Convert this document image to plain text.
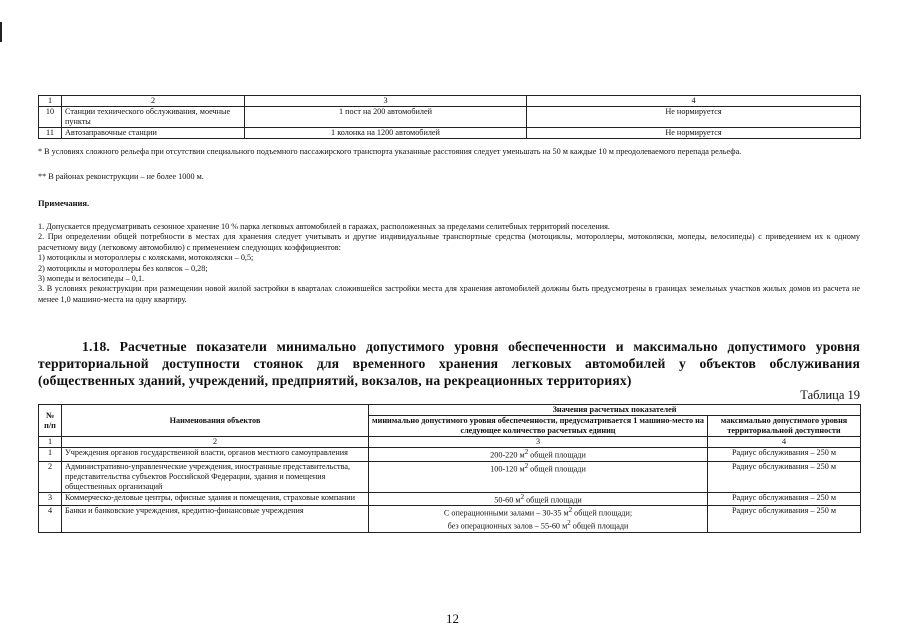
1	2	3	4
10	Станции технического обслуживания, моечные пункты	1 пост на 200 автомобилей	Не нормируется
11	Автозаправочные станции	1 колонка на 1200 автомобилей	Не нормируется
* В условиях сложного рельефа при отсутствии специального подъемного пассажирского транспорта указанные расстояния следует уменьшать на 50 м каждые 10 м преодолеваемого перепада рельефа.
** В районах реконструкции – не более 1000 м.
Примечания.

1. Допускается предусматривать сезонное хранение 10 % парка легковых автомобилей в гаражах, расположенных за пределами селитебных территорий поселения.

2. При определении общей потребности в местах для хранения следует учитывать и другие индивидуальные транспортные средства (мотоциклы, мотороллеры, мотоколяски, мопеды, велосипеды) с приведением их к одному расчетному виду (легковому автомобилю) с применением следующих коэффициентов:

1) мотоциклы и мотороллеры с колясками, мотоколяски – 0,5;

2) мотоциклы и мотороллеры без колясок – 0,28;

3) мопеды и велосипеды – 0,1.

3. В условиях реконструкции при размещении новой жилой застройки в кварталах сложившейся застройки места для хранения автомобилей должны быть предусмотрены в границах земельных участков жилых домов из расчета не менее 1,0 машино-места на одну квартиру.

1.18. Расчетные показатели минимально допустимого уровня обеспеченности и максимально допустимого уровня территориальной доступности стоянок для временного хранения легковых автомобилей у объектов обслуживания (общественных зданий, учреждений, предприятий, вокзалов, на рекреационных территориях)
Таблица 19
№ п/п	Наименования объектов	Значения расчетных показателей	
		минимально допустимого уровня обеспеченности, предусматривается 1 машино-место на следующее количество расчетных единиц	максимально допустимого уровня территориальной доступности
1	2	3	4
1	Учреждения органов государственной власти, органов местного самоуправления	200-220 $м^2$ общей площади	Радиус обслуживания – 250 м
2	Административно-управленческие учреждения, иностранные представительства, представительства субъектов Российской Федерации, здания и помещения общественных организаций	100-120 $м^2$ общей площади	Радиус обслуживания – 250 м
3	Коммерческо-деловые центры, офисные здания и помещения, страховые компании	50-60 $м^2$ общей площади	Радиус обслуживания – 250 м
4	Банки и банковские учреждения, кредитно-финансовые учреждения	С операционными залами – 30-35 $м^2$ общей площади;
без операционных залов – 55-60 $м^2$ общей площади	Радиус обслуживания – 250 м
12
